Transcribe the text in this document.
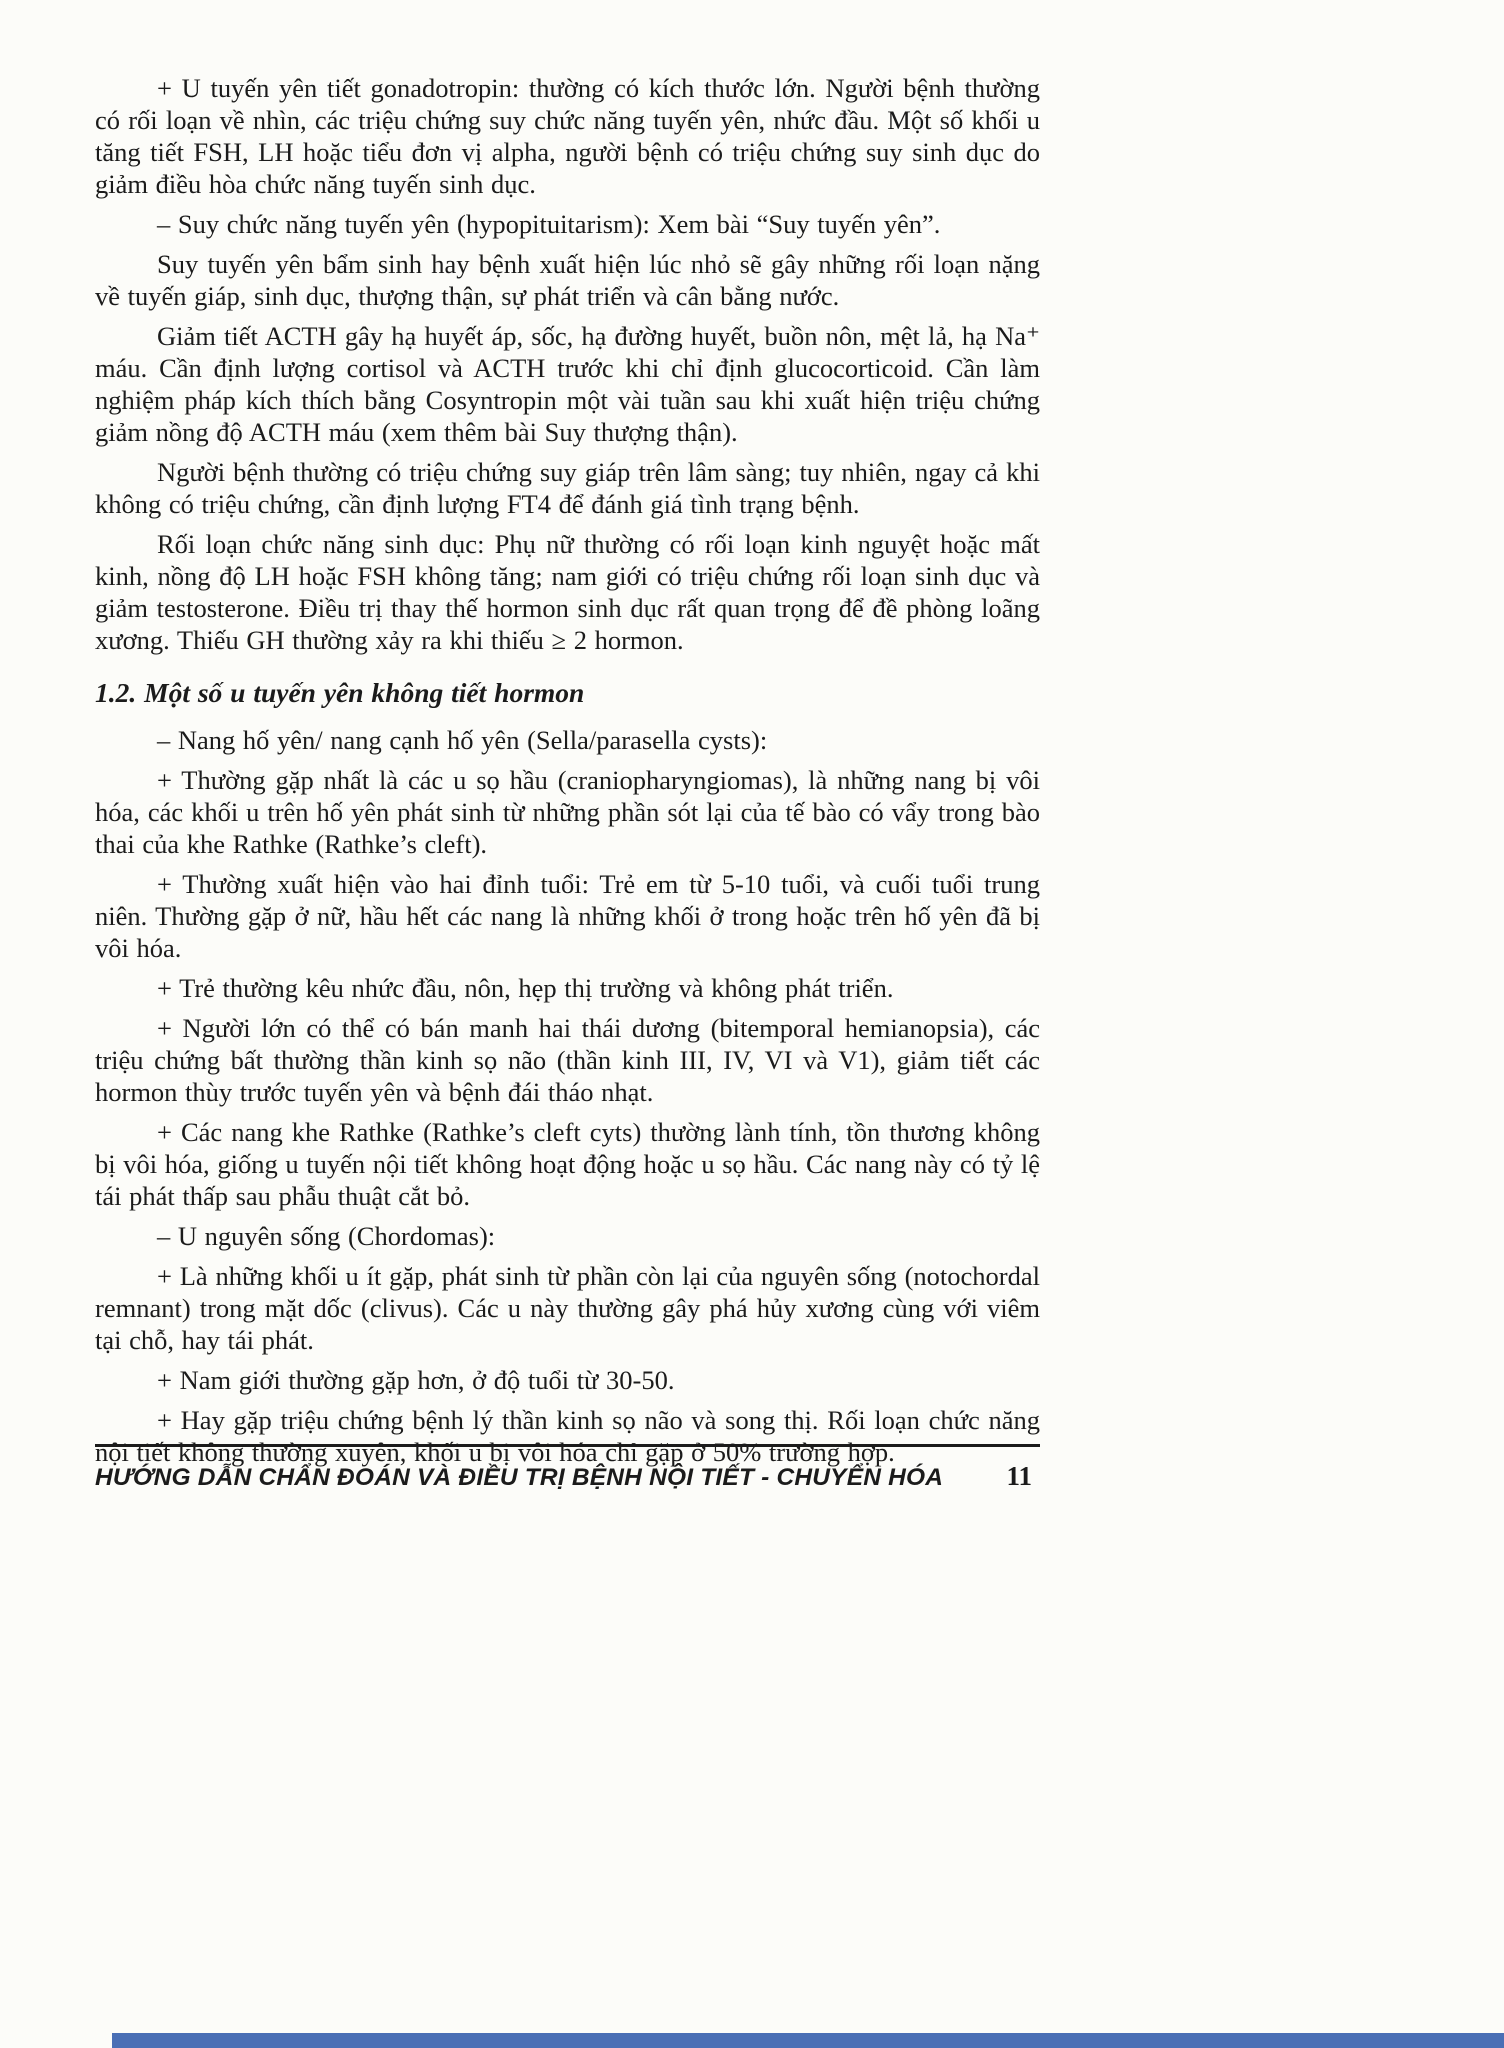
+ U tuyến yên tiết gonadotropin: thường có kích thước lớn. Người bệnh thường có rối loạn về nhìn, các triệu chứng suy chức năng tuyến yên, nhức đầu. Một số khối u tăng tiết FSH, LH hoặc tiểu đơn vị alpha, người bệnh có triệu chứng suy sinh dục do giảm điều hòa chức năng tuyến sinh dục.

– Suy chức năng tuyến yên (hypopituitarism): Xem bài “Suy tuyến yên”.

Suy tuyến yên bẩm sinh hay bệnh xuất hiện lúc nhỏ sẽ gây những rối loạn nặng về tuyến giáp, sinh dục, thượng thận, sự phát triển và cân bằng nước.

Giảm tiết ACTH gây hạ huyết áp, sốc, hạ đường huyết, buồn nôn, mệt lả, hạ Na⁺ máu. Cần định lượng cortisol và ACTH trước khi chỉ định glucocorticoid. Cần làm nghiệm pháp kích thích bằng Cosyntropin một vài tuần sau khi xuất hiện triệu chứng giảm nồng độ ACTH máu (xem thêm bài Suy thượng thận).

Người bệnh thường có triệu chứng suy giáp trên lâm sàng; tuy nhiên, ngay cả khi không có triệu chứng, cần định lượng FT4 để đánh giá tình trạng bệnh.

Rối loạn chức năng sinh dục: Phụ nữ thường có rối loạn kinh nguyệt hoặc mất kinh, nồng độ LH hoặc FSH không tăng; nam giới có triệu chứng rối loạn sinh dục và giảm testosterone. Điều trị thay thế hormon sinh dục rất quan trọng để đề phòng loãng xương. Thiếu GH thường xảy ra khi thiếu ≥ 2 hormon.

1.2. Một số u tuyến yên không tiết hormon

– Nang hố yên/ nang cạnh hố yên (Sella/parasella cysts):

+ Thường gặp nhất là các u sọ hầu (craniopharyngiomas), là những nang bị vôi hóa, các khối u trên hố yên phát sinh từ những phần sót lại của tế bào có vẩy trong bào thai của khe Rathke (Rathke’s cleft).

+ Thường xuất hiện vào hai đỉnh tuổi: Trẻ em từ 5-10 tuổi, và cuối tuổi trung niên. Thường gặp ở nữ, hầu hết các nang là những khối ở trong hoặc trên hố yên đã bị vôi hóa.

+ Trẻ thường kêu nhức đầu, nôn, hẹp thị trường và không phát triển.

+ Người lớn có thể có bán manh hai thái dương (bitemporal hemianopsia), các triệu chứng bất thường thần kinh sọ não (thần kinh III, IV, VI và V1), giảm tiết các hormon thùy trước tuyến yên và bệnh đái tháo nhạt.

+ Các nang khe Rathke (Rathke’s cleft cyts) thường lành tính, tồn thương không bị vôi hóa, giống u tuyến nội tiết không hoạt động hoặc u sọ hầu. Các nang này có tỷ lệ tái phát thấp sau phẫu thuật cắt bỏ.

– U nguyên sống (Chordomas):

+ Là những khối u ít gặp, phát sinh từ phần còn lại của nguyên sống (notochordal remnant) trong mặt dốc (clivus). Các u này thường gây phá hủy xương cùng với viêm tại chỗ, hay tái phát.

+ Nam giới thường gặp hơn, ở độ tuổi từ 30-50.

+ Hay gặp triệu chứng bệnh lý thần kinh sọ não và song thị. Rối loạn chức năng nội tiết không thường xuyên, khối u bị vôi hóa chỉ gặp ở 50% trường hợp.

HƯỚNG DẪN CHẨN ĐOÁN VÀ ĐIỀU TRỊ BỆNH NỘI TIẾT - CHUYỂN HÓA 11
